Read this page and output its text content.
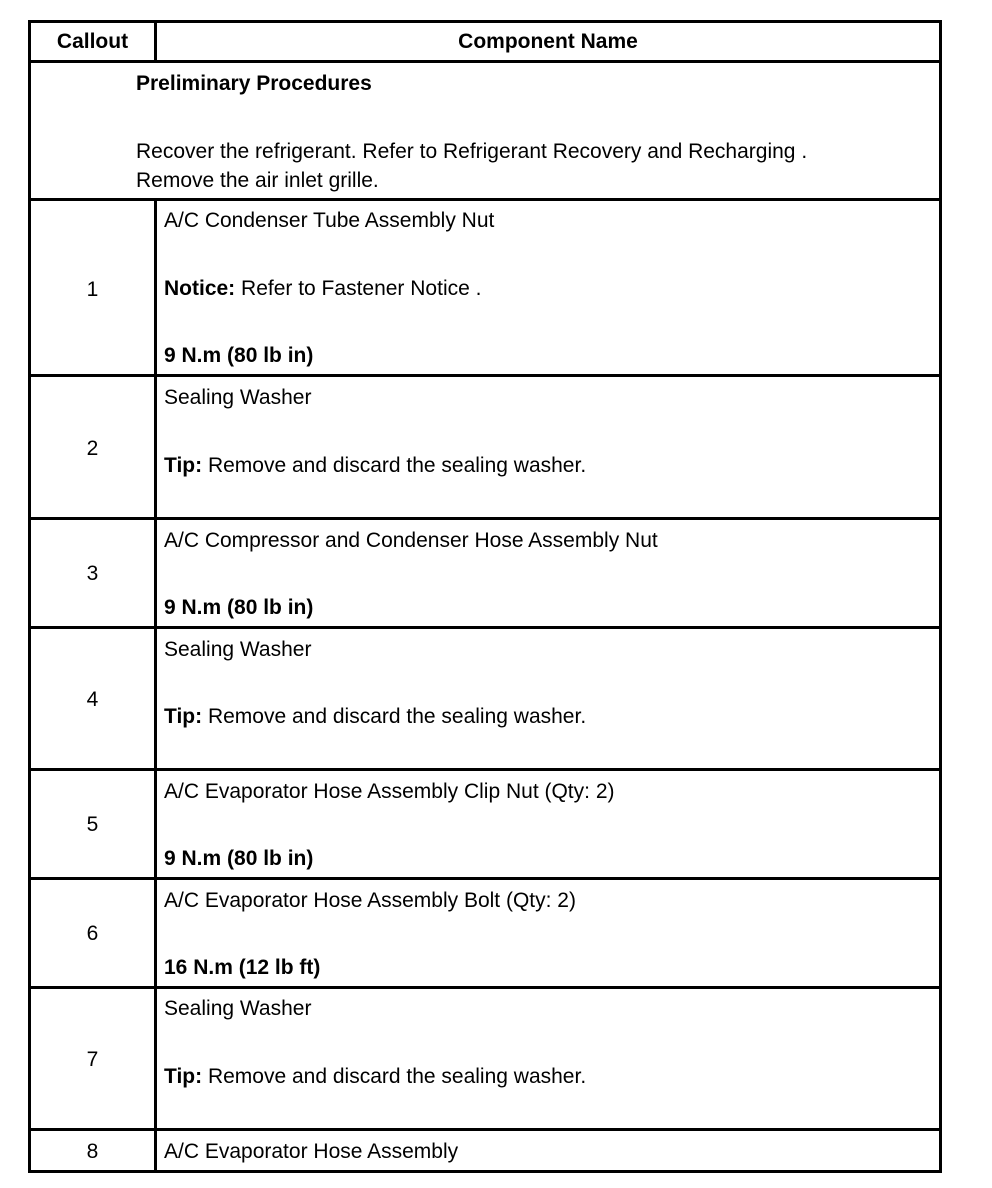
Callout	Component Name
Preliminary Procedures
Recover the refrigerant. Refer to Refrigerant Recovery and Recharging .
Remove the air inlet grille.
1
A/C Condenser Tube Assembly Nut
Notice: Refer to Fastener Notice .
9 N.m (80 lb in)
2
Sealing Washer
Tip: Remove and discard the sealing washer.
3
A/C Compressor and Condenser Hose Assembly Nut
9 N.m (80 lb in)
4
Sealing Washer
Tip: Remove and discard the sealing washer.
5
A/C Evaporator Hose Assembly Clip Nut (Qty: 2)
9 N.m (80 lb in)
6
A/C Evaporator Hose Assembly Bolt (Qty: 2)
16 N.m (12 lb ft)
7
Sealing Washer
Tip: Remove and discard the sealing washer.
8	A/C Evaporator Hose Assembly
